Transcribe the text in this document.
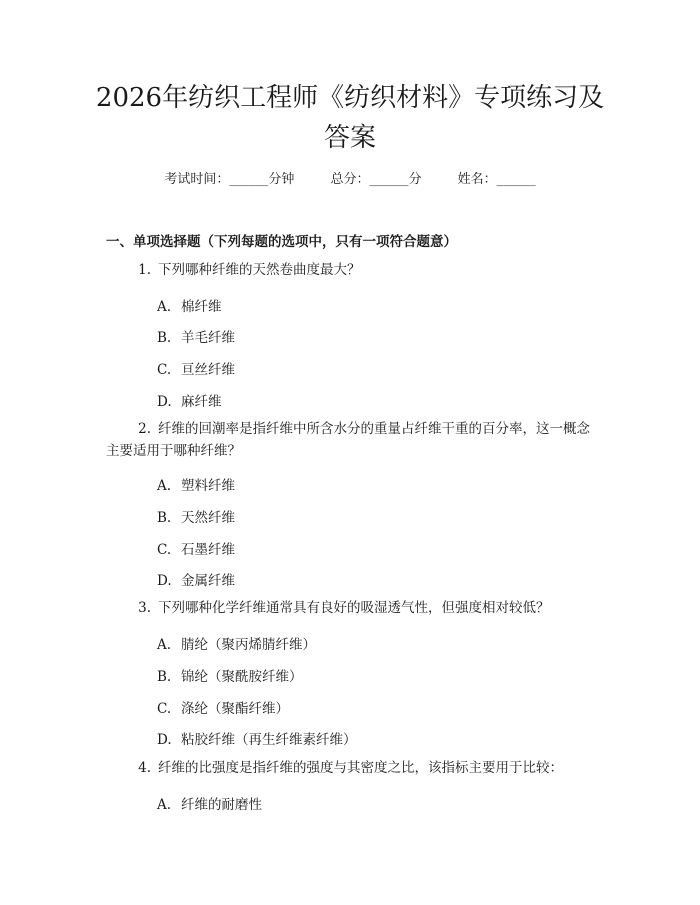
2026年纺织工程师《纺织材料》专项练习及
答案
考试时间：______分钟	总分：______分	姓名：______
一、单项选择题（下列每题的选项中，只有一项符合题意）
1. 下列哪种纤维的天然卷曲度最大？
A. 棉纤维
B. 羊毛纤维
C. 亘丝纤维
D. 麻纤维
2. 纤维的回潮率是指纤维中所含水分的重量占纤维干重的百分率，这一概念
主要适用于哪种纤维？
A. 塑料纤维
B. 天然纤维
C. 石墨纤维
D. 金属纤维
3. 下列哪种化学纤维通常具有良好的吸湿透气性，但强度相对较低？
A. 腈纶（聚丙烯腈纤维）
B. 锦纶（聚酰胺纤维）
C. 涤纶（聚酯纤维）
D. 粘胶纤维（再生纤维素纤维）
4. 纤维的比强度是指纤维的强度与其密度之比，该指标主要用于比较：
A. 纤维的耐磨性
